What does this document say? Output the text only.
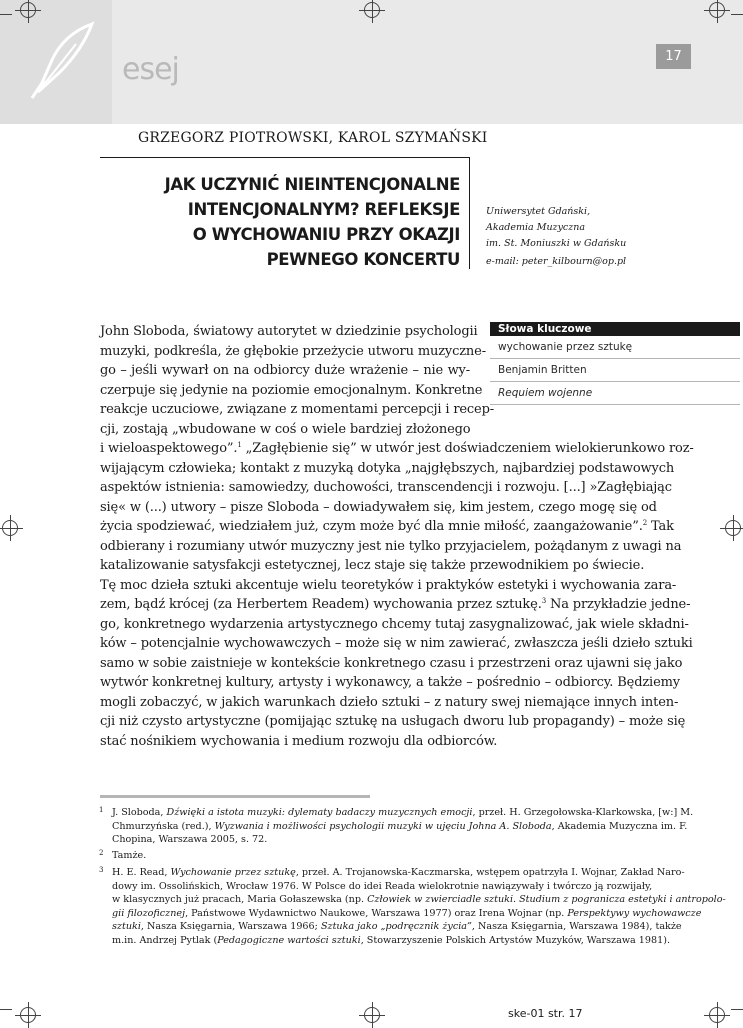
esej	17
GRZEGORZ PIOTROWSKI, KAROL SZYMAŃSKI
JAK UCZYNIĆ NIEINTENCJONALNE
INTENCJONALNYM? REFLEKSJE
O WYCHOWANIU PRZY OKAZJI
PEWNEGO KONCERTU
Uniwersytet Gdański,
Akademia Muzyczna
im. St. Moniuszki w Gdańsku
e-mail: peter_kilbourn@op.pl
Słowa kluczowe
wychowanie przez sztukę
Benjamin Britten
Requiem wojenne
John Sloboda, światowy autorytet w dziedzinie psychologii
muzyki, podkreśla, że głębokie przeżycie utworu muzyczne-
go – jeśli wywarł on na odbiorcy duże wrażenie – nie wy-
czerpuje się jedynie na poziomie emocjonalnym. Konkretne
reakcje uczuciowe, związane z momentami percepcji i recep-
cji, zostają „wbudowane w coś o wiele bardziej złożonego
i wieloaspektowego”.$^1$ „Zagłębienie się” w utwór jest doświadczeniem wielokierunkowo roz-
wijającym człowieka; kontakt z muzyką dotyka „najgłębszych, najbardziej podstawowych
aspektów istnienia: samowiedzy, duchowości, transcendencji i rozwoju. [...] »Zagłębiając
się« w (...) utwory – pisze Sloboda – dowiadywałem się, kim jestem, czego mogę się od
życia spodziewać, wiedziałem już, czym może być dla mnie miłość, zaangażowanie”.$^2$ Tak
odbierany i rozumiany utwór muzyczny jest nie tylko przyjacielem, pożądanym z uwagi na
katalizowanie satysfakcji estetycznej, lecz staje się także przewodnikiem po świecie.
Tę moc dzieła sztuki akcentuje wielu teoretyków i praktyków estetyki i wychowania zara-
zem, bądź krócej (za Herbertem Readem) wychowania przez sztukę.$^3$ Na przykładzie jedne-
go, konkretnego wydarzenia artystycznego chcemy tutaj zasygnalizować, jak wiele składni-
ków – potencjalnie wychowawczych – może się w nim zawierać, zwłaszcza jeśli dzieło sztuki
samo w sobie zaistnieje w kontekście konkretnego czasu i przestrzeni oraz ujawni się jako
wytwór konkretnej kultury, artysty i wykonawcy, a także – pośrednio – odbiorcy. Będziemy
mogli zobaczyć, w jakich warunkach dzieło sztuki – z natury swej niemające innych inten-
cji niż czysto artystyczne (pomijając sztukę na usługach dworu lub propagandy) – może się
stać nośnikiem wychowania i medium rozwoju dla odbiorców.
1 J. Sloboda, Dźwięki a istota muzyki: dylematy badaczy muzycznych emocji, przeł. H. Grzegołowska-Klarkowska, [w:] M.
Chmurzyńska (red.), Wyzwania i możliwości psychologii muzyki w ujęciu Johna A. Sloboda, Akademia Muzyczna im. F.
Chopina, Warszawa 2005, s. 72.
2 Tamże.
3 H. E. Read, Wychowanie przez sztukę, przeł. A. Trojanowska-Kaczmarska, wstępem opatrzyła I. Wojnar, Zakład Naro-
dowy im. Ossolińskich, Wrocław 1976. W Polsce do idei Reada wielokrotnie nawiązywały i twórczo ją rozwijały,
w klasycznych już pracach, Maria Gołaszewska (np. Człowiek w zwierciadle sztuki. Studium z pogranicza estetyki i antropolo-
gii filozoficznej, Państwowe Wydawnictwo Naukowe, Warszawa 1977) oraz Irena Wojnar (np. Perspektywy wychowawcze
sztuki, Nasza Księgarnia, Warszawa 1966; Sztuka jako „podręcznik życia”, Nasza Księgarnia, Warszawa 1984), także
m.in. Andrzej Pytlak (Pedagogiczne wartości sztuki, Stowarzyszenie Polskich Artystów Muzyków, Warszawa 1981).
ske-01 str. 17
